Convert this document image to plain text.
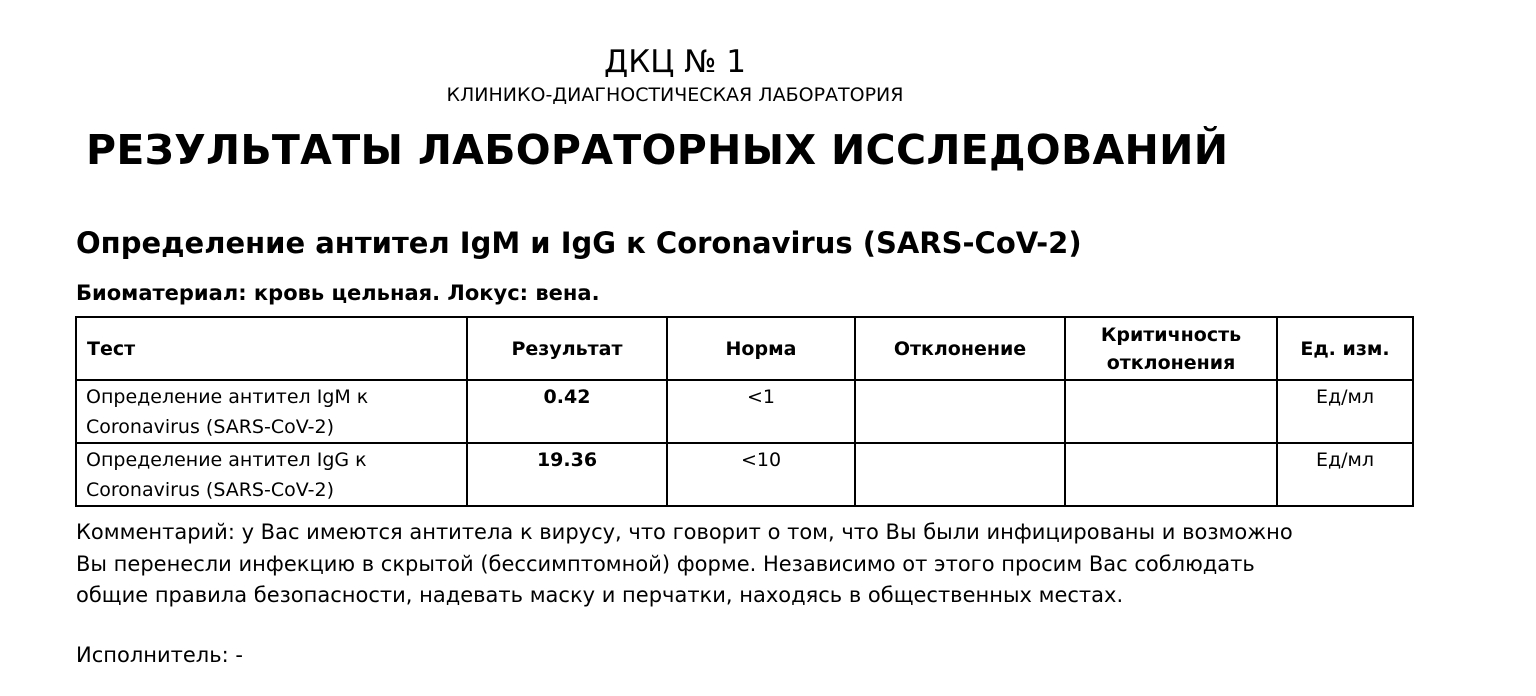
ДКЦ № 1
КЛИНИКО-ДИАГНОСТИЧЕСКАЯ ЛАБОРАТОРИЯ
РЕЗУЛЬТАТЫ ЛАБОРАТОРНЫХ ИССЛЕДОВАНИЙ
Определение антител IgM и IgG к Coronavirus (SARS-CoV-2)
Биоматериал: кровь цельная. Локус: вена.
Тест	Результат	Норма	Отклонение	Критичность отклонения	Ед. изм.
Определение антител IgM к Coronavirus (SARS-CoV-2)	0.42	<1			Ед/мл
Определение антител IgG к Coronavirus (SARS-CoV-2)	19.36	<10			Ед/мл
Комментарий: у Вас имеются антитела к вирусу, что говорит о том, что Вы были инфицированы и возможно Вы перенесли инфекцию в скрытой (бессимптомной) форме. Независимо от этого просим Вас соблюдать общие правила безопасности, надевать маску и перчатки, находясь в общественных местах.
Исполнитель: -
